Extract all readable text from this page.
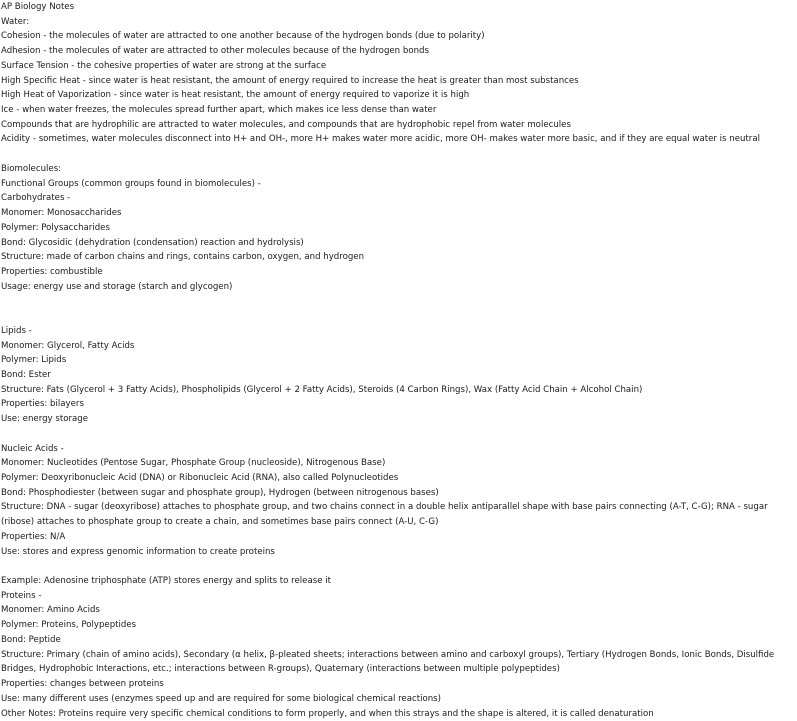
AP Biology Notes
Water:
Cohesion - the molecules of water are attracted to one another because of the hydrogen bonds (due to polarity)
Adhesion - the molecules of water are attracted to other molecules because of the hydrogen bonds
Surface Tension - the cohesive properties of water are strong at the surface
High Specific Heat - since water is heat resistant, the amount of energy required to increase the heat is greater than most substances
High Heat of Vaporization - since water is heat resistant, the amount of energy required to vaporize it is high
Ice - when water freezes, the molecules spread further apart, which makes ice less dense than water
Compounds that are hydrophilic are attracted to water molecules, and compounds that are hydrophobic repel from water molecules
Acidity - sometimes, water molecules disconnect into H+ and OH-, more H+ makes water more acidic, more OH- makes water more basic, and if they are equal water is neutral
Biomolecules:
Functional Groups (common groups found in biomolecules) -
Carbohydrates -
Monomer: Monosaccharides
Polymer: Polysaccharides
Bond: Glycosidic (dehydration (condensation) reaction and hydrolysis)
Structure: made of carbon chains and rings, contains carbon, oxygen, and hydrogen
Properties: combustible
Usage: energy use and storage (starch and glycogen)
Lipids -
Monomer: Glycerol, Fatty Acids
Polymer: Lipids
Bond: Ester
Structure: Fats (Glycerol + 3 Fatty Acids), Phospholipids (Glycerol + 2 Fatty Acids), Steroids (4 Carbon Rings), Wax (Fatty Acid Chain + Alcohol Chain)
Properties: bilayers
Use: energy storage
Nucleic Acids -
Monomer: Nucleotides (Pentose Sugar, Phosphate Group (nucleoside), Nitrogenous Base)
Polymer: Deoxyribonucleic Acid (DNA) or Ribonucleic Acid (RNA), also called Polynucleotides
Bond: Phosphodiester (between sugar and phosphate group), Hydrogen (between nitrogenous bases)
Structure: DNA - sugar (deoxyribose) attaches to phosphate group, and two chains connect in a double helix antiparallel shape with base pairs connecting (A-T, C-G); RNA - sugar
(ribose) attaches to phosphate group to create a chain, and sometimes base pairs connect (A-U, C-G)
Properties: N/A
Use: stores and express genomic information to create proteins
Example: Adenosine triphosphate (ATP) stores energy and splits to release it
Proteins -
Monomer: Amino Acids
Polymer: Proteins, Polypeptides
Bond: Peptide
Structure: Primary (chain of amino acids), Secondary (α helix, β-pleated sheets; interactions between amino and carboxyl groups), Tertiary (Hydrogen Bonds, Ionic Bonds, Disulfide
Bridges, Hydrophobic Interactions, etc.; interactions between R-groups), Quaternary (interactions between multiple polypeptides)
Properties: changes between proteins
Use: many different uses (enzymes speed up and are required for some biological chemical reactions)
Other Notes: Proteins require very specific chemical conditions to form properly, and when this strays and the shape is altered, it is called denaturation
